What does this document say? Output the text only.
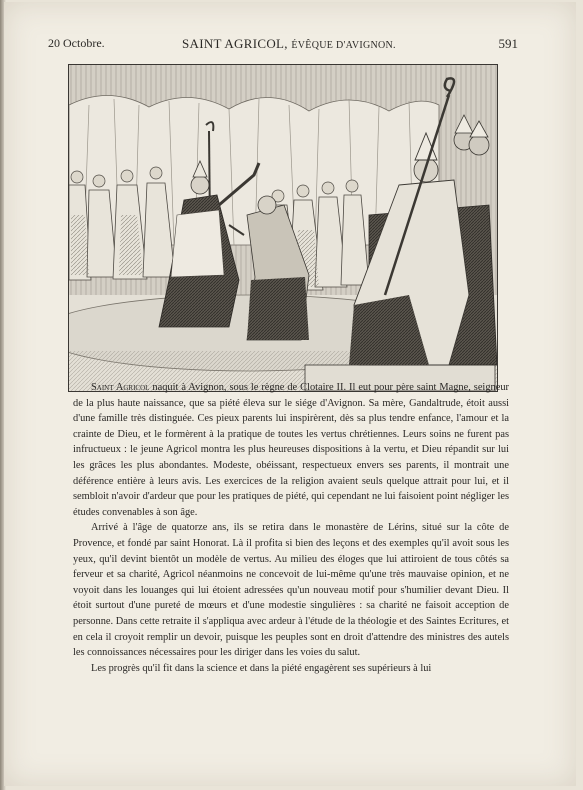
20 Octobre.	SAINT AGRICOL, ÉVÊQUE D'AVIGNON.	591

Saint Agricol naquit à Avignon, sous le règne de Clotaire II. Il eut pour père saint Magne, seigneur de la plus haute naissance, que sa piété éleva sur le siége d'Avignon. Sa mère, Gandaltrude, étoit aussi d'une famille très distinguée. Ces pieux parents lui inspirèrent, dès sa plus tendre enfance, l'amour et la crainte de Dieu, et le formèrent à la pratique de toutes les vertus chrétiennes. Leurs soins ne furent pas infructueux : le jeune Agricol montra les plus heureuses dispositions à la vertu, et Dieu répandit sur lui les grâces les plus abondantes. Modeste, obéissant, respectueux envers ses parents, il montrait une déférence entière à leurs avis. Les exercices de la religion avaient seuls quelque attrait pour lui, et il sembloit n'avoir d'ardeur que pour les pratiques de piété, qui cependant ne lui faisoient point négliger les études convenables à son âge.

Arrivé à l'âge de quatorze ans, ils se retira dans le monastère de Lérins, situé sur la côte de Provence, et fondé par saint Honorat. Là il profita si bien des leçons et des exemples qu'il avoit sous les yeux, qu'il devint bientôt un modèle de vertus. Au milieu des éloges que lui attiroient de tous côtés sa ferveur et sa charité, Agricol néanmoins ne concevoit de lui-même qu'une très mauvaise opinion, et ne voyoit dans les louanges qui lui étoient adressées qu'un nouveau motif pour s'humilier devant Dieu. Il étoit surtout d'une pureté de mœurs et d'une modestie singulières : sa charité ne faisoit acception de personne. Dans cette retraite il s'appliqua avec ardeur à l'étude de la théologie et des Saintes Ecritures, et en cela il croyoit remplir un devoir, puisque les peuples sont en droit d'attendre des ministres des autels les connoissances nécessaires pour les diriger dans les voies du salut.

Les progrès qu'il fit dans la science et dans la piété engagèrent ses supérieurs à lui
